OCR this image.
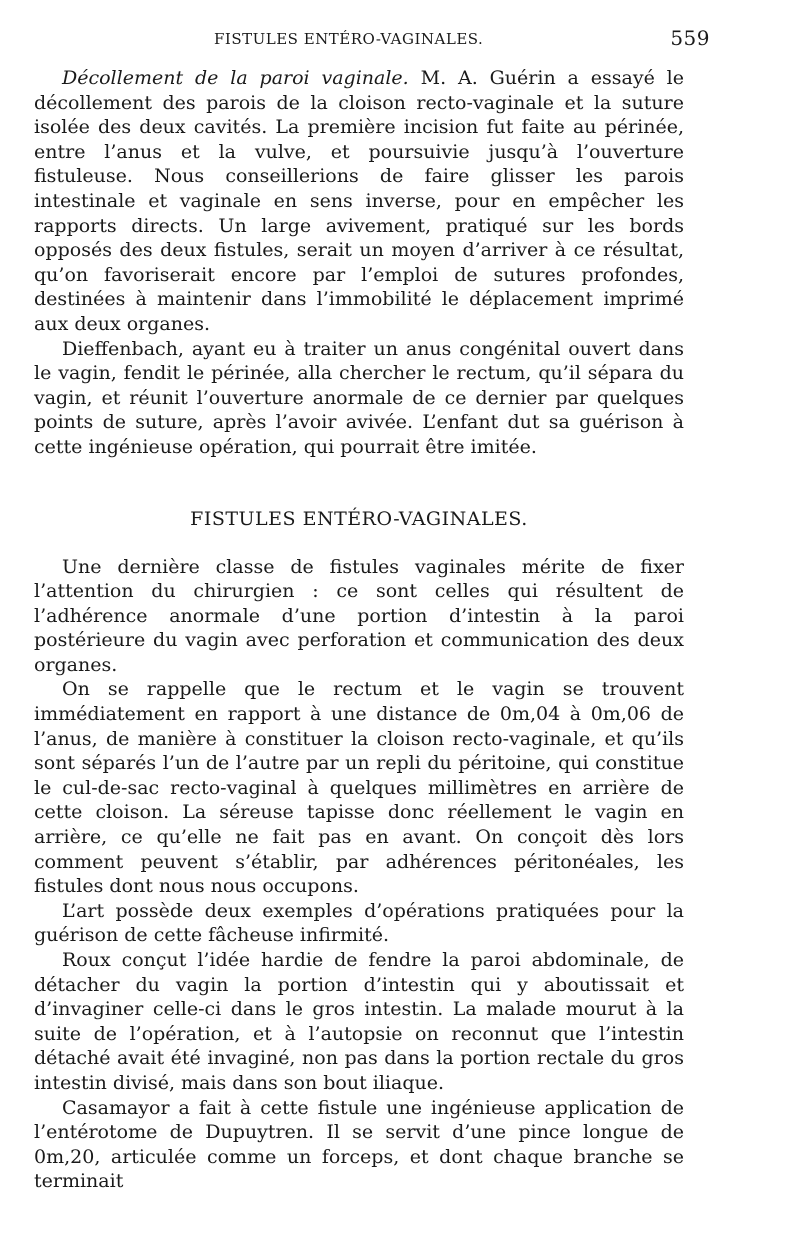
FISTULES ENTÉRO-VAGINALES.	559

Décollement de la paroi vaginale. M. A. Guérin a essayé le décollement des parois de la cloison recto-vaginale et la suture isolée des deux cavités. La première incision fut faite au périnée, entre l’anus et la vulve, et poursuivie jusqu’à l’ouverture fistuleuse. Nous conseillerions de faire glisser les parois intestinale et vaginale en sens inverse, pour en empêcher les rapports directs. Un large avivement, pratiqué sur les bords opposés des deux fistules, serait un moyen d’arriver à ce résultat, qu’on favoriserait encore par l’emploi de sutures profondes, destinées à maintenir dans l’immobilité le déplacement imprimé aux deux organes.

Dieffenbach, ayant eu à traiter un anus congénital ouvert dans le vagin, fendit le périnée, alla chercher le rectum, qu’il sépara du vagin, et réunit l’ouverture anormale de ce dernier par quelques points de suture, après l’avoir avivée. L’enfant dut sa guérison à cette ingénieuse opération, qui pourrait être imitée.

FISTULES ENTÉRO-VAGINALES.

Une dernière classe de fistules vaginales mérite de fixer l’attention du chirurgien : ce sont celles qui résultent de l’adhérence anormale d’une portion d’intestin à la paroi postérieure du vagin avec perforation et communication des deux organes.

On se rappelle que le rectum et le vagin se trouvent immédiatement en rapport à une distance de 0m,04 à 0m,06 de l’anus, de manière à constituer la cloison recto-vaginale, et qu’ils sont séparés l’un de l’autre par un repli du péritoine, qui constitue le cul-de-sac recto-vaginal à quelques millimètres en arrière de cette cloison. La séreuse tapisse donc réellement le vagin en arrière, ce qu’elle ne fait pas en avant. On conçoit dès lors comment peuvent s’établir, par adhérences péritonéales, les fistules dont nous nous occupons.

L’art possède deux exemples d’opérations pratiquées pour la guérison de cette fâcheuse infirmité.

Roux conçut l’idée hardie de fendre la paroi abdominale, de détacher du vagin la portion d’intestin qui y aboutissait et d’invaginer celle-ci dans le gros intestin. La malade mourut à la suite de l’opération, et à l’autopsie on reconnut que l’intestin détaché avait été invaginé, non pas dans la portion rectale du gros intestin divisé, mais dans son bout iliaque.

Casamayor a fait à cette fistule une ingénieuse application de l’entérotome de Dupuytren. Il se servit d’une pince longue de 0m,20, articulée comme un forceps, et dont chaque branche se terminait
